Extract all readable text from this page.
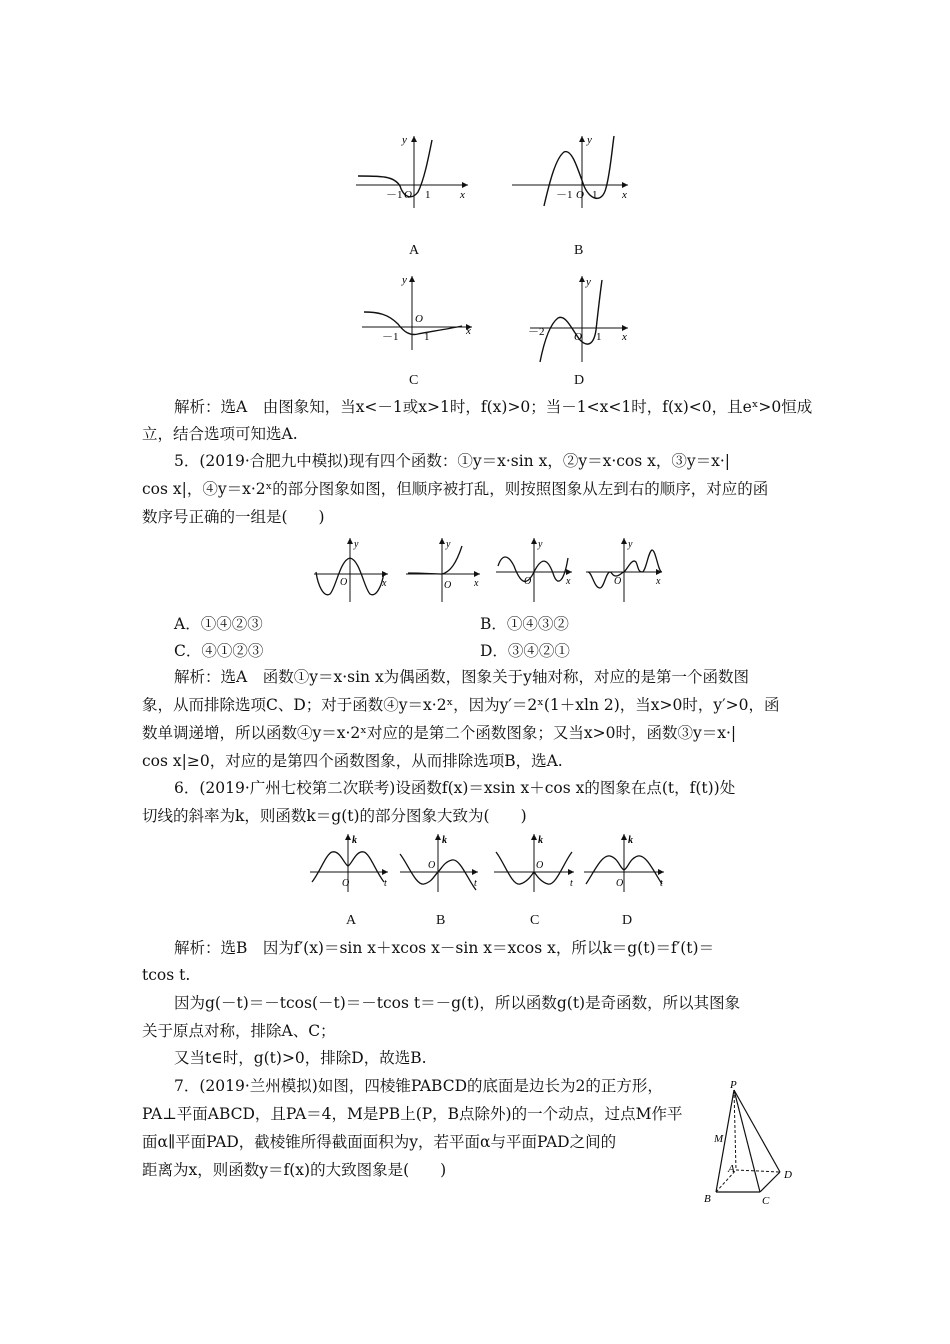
y
x
－1 O 1
A
y
x
－1 O 1
B
y
x
O
－1 1
C
y
x
－2	O 1
D
解析：选A　由图象知，当x<－1或x>1时，f(x)>0；当－1<x<1时，f(x)<0，且eˣ>0恒成
立，结合选项可知选A.
5．(2019·合肥九中模拟)现有四个函数：①y＝x·sin x，②y＝x·cos x，③y＝x·|
cos x|，④y＝x·2ˣ的部分图象如图，但顺序被打乱，则按照图象从左到右的顺序，对应的函
数序号正确的一组是(　　)
y
x
O
y
x
O
y
x
O
y
x
O
A．①④②③	B．①④③②
C．④①②③	D．③④②①
解析：选A　函数①y＝x·sin x为偶函数，图象关于y轴对称，对应的是第一个函数图
象，从而排除选项C、D；对于函数④y＝x·2ˣ，因为y′＝2ˣ(1＋xln 2)，当x>0时，y′>0，函
数单调递增，所以函数④y＝x·2ˣ对应的是第二个函数图象；又当x>0时，函数③y＝x·|
cos x|≥0，对应的是第四个函数图象，从而排除选项B，选A.
6．(2019·广州七校第二次联考)设函数f(x)＝xsin x＋cos x的图象在点(t，f(t))处
切线的斜率为k，则函数k＝g(t)的部分图象大致为(　　)
k
t
O
A
k
t
O
B
k
t
O
C
k
t
O
D
解析：选B　因为f′(x)＝sin x＋xcos x－sin x＝xcos x，所以k＝g(t)＝f′(t)＝
tcos t.
因为g(－t)＝－tcos(－t)＝－tcos t＝－g(t)，所以函数g(t)是奇函数，所以其图象
关于原点对称，排除A、C；
又当t∈时，g(t)>0，排除D，故选B.
7．(2019·兰州模拟)如图，四棱锥PABCD的底面是边长为2的正方形，
PA⊥平面ABCD，且PA＝4，M是PB上(P，B点除外)的一个动点，过点M作平
面α∥平面PAD，截棱锥所得截面面积为y，若平面α与平面PAD之间的
距离为x，则函数y＝f(x)的大致图象是(　　)
P
M
A	D
B	C
